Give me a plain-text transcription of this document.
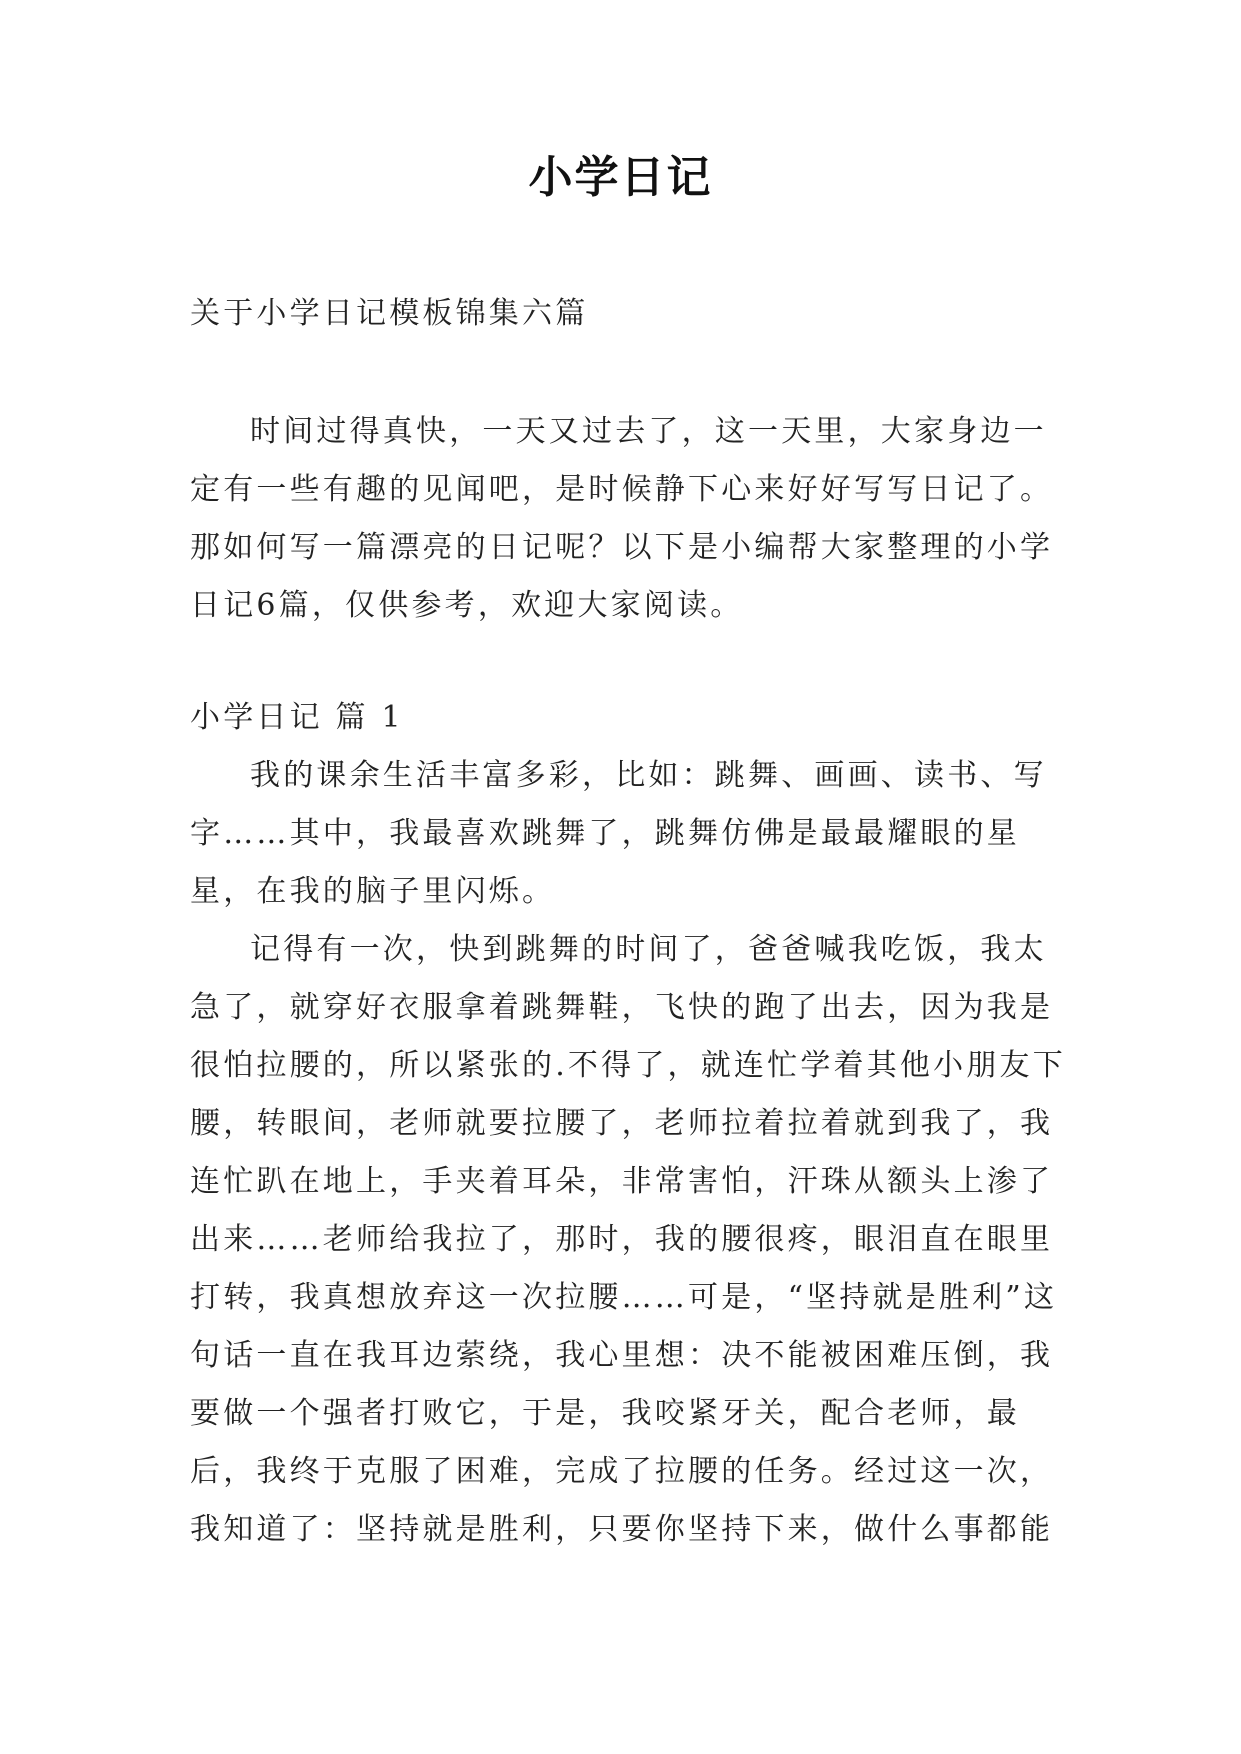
小学日记
关于小学日记模板锦集六篇

时间过得真快，一天又过去了，这一天里，大家身边一定有一些有趣的见闻吧，是时候静下心来好好写写日记了。那如何写一篇漂亮的日记呢？以下是小编帮大家整理的小学日记6篇，仅供参考，欢迎大家阅读。

小学日记 篇 1

我的课余生活丰富多彩，比如：跳舞、画画、读书、写字……其中，我最喜欢跳舞了，跳舞仿佛是最最耀眼的星星，在我的脑子里闪烁。

记得有一次，快到跳舞的时间了，爸爸喊我吃饭，我太急了，就穿好衣服拿着跳舞鞋，飞快的跑了出去，因为我是很怕拉腰的，所以紧张的.不得了，就连忙学着其他小朋友下腰，转眼间，老师就要拉腰了，老师拉着拉着就到我了，我连忙趴在地上，手夹着耳朵，非常害怕，汗珠从额头上渗了出来……老师给我拉了，那时，我的腰很疼，眼泪直在眼里打转，我真想放弃这一次拉腰……可是，“坚持就是胜利”这句话一直在我耳边萦绕，我心里想：决不能被困难压倒，我要做一个强者打败它，于是，我咬紧牙关，配合老师，最后，我终于克服了困难，完成了拉腰的任务。经过这一次，我知道了：坚持就是胜利，只要你坚持下来，做什么事都能
